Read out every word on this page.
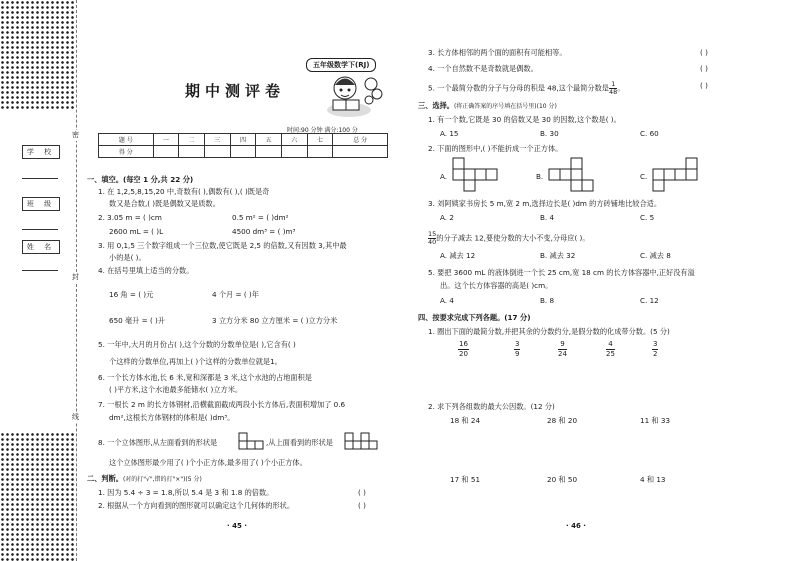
密
封
线
学 校
班 级
姓 名
五年级数学下(RJ)
期中测评卷
时间:90 分钟 满分:100 分
题 号	一	二	三	四	五	六	七	总 分
得 分								
一、填空。(每空 1 分,共 22 分)
1. 在 1,2,5,8,15,20 中,奇数有( ),偶数有( ),( )既是奇
数又是合数,( )既是偶数又是质数。
2. 3.05 m = ( )cm	0.5 m² = ( )dm²
2600 mL = ( )L	4500 dm³ = ( )m³
3. 用 0,1,5 三个数字组成一个三位数,使它既是 2,5 的倍数,又有因数 3,其中最
小的是( )。
4. 在括号里填上适当的分数。
16 角 = ( )元	4 个月 = ( )年
650 毫升 = ( )升	3 立方分米 80 立方厘米 = ( )立方分米
5. 一年中,大月的月份占( ),这个分数的分数单位是( ),它含有( )
个这样的分数单位,再加上( )个这样的分数单位就是1。
6. 一个长方体水池,长 6 米,宽和深都是 3 米,这个水池的占地面积是
( )平方米,这个水池最多能储水( )立方米。
7. 一根长 2 m 的长方体钢材,沿横截面截成两段小长方体后,表面积增加了 0.6
dm²,这根长方体钢材的体积是( )dm³。
8. 一个立体图形,从左面看到的形状是	,从上面看到的形状是
这个立体图形最少用了( )个小正方体,最多用了( )个小正方体。
二、判断。(对的打"√",错的打"×")(5 分)
1. 因为 5.4 ÷ 3 = 1.8,所以 5.4 是 3 和 1.8 的倍数。	( )
2. 根据从一个方向看到的图形就可以确定这个几何体的形状。	( )
· 45 ·
3. 长方体相邻的两个面的面积有可能相等。	( )
4. 一个自然数不是奇数就是偶数。	( )
5. 一个最简分数的分子与分母的积是 48,这个最简分数是 $\frac{1}{48}$ 。	( )
三、选择。(将正确答案的序号填在括号里)(10 分)
1. 有一个数,它既是 30 的倍数又是 30 的因数,这个数是( )。
A. 15	B. 30	C. 60
2. 下面的图形中,( )不能折成一个正方体。
A.	B.	C.
3. 刘阿姨家书房长 5 m,宽 2 m,选择边长是( )dm 的方砖铺地比较合适。
A. 2	B. 4	C. 5
$\frac{15}{40}$ 的分子减去 12,要使分数的大小不变,分母应( )。
A. 减去 12	B. 减去 32	C. 减去 8
5. 要把 3600 mL 的液体倒进一个长 25 cm,宽 18 cm 的长方体容器中,正好没有溢
出。这个长方体容器的高是( )cm。
A. 4	B. 8	C. 12
四、按要求完成下列各题。(17 分)
1. 圈出下面的最简分数,并把其余的分数约分,是假分数的化成带分数。(5 分)
$\frac{16}{20}$	$\frac{3}{9}$	$\frac{9}{24}$	$\frac{4}{25}$	$\frac{3}{2}$
2. 求下列各组数的最大公因数。(12 分)
18 和 24	28 和 20	11 和 33
17 和 51	20 和 50	4 和 13
· 46 ·
